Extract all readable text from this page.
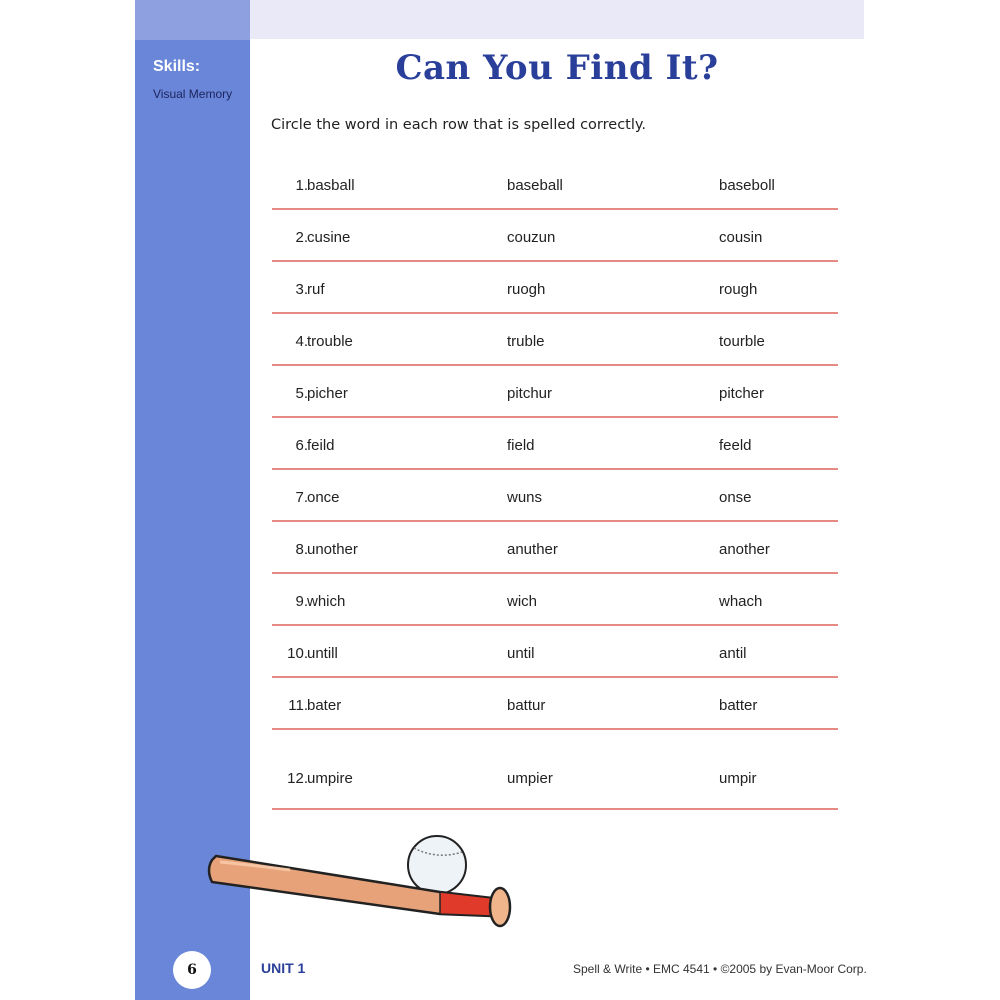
Skills:
Visual Memory
Can You Find It?
Circle the word in each row that is spelled correctly.
1. basball	baseball	baseboll
2. cusine	couzun	cousin
3. ruf	ruogh	rough
4. trouble	truble	tourble
5. picher	pitchur	pitcher
6. feild	field	feeld
7. once	wuns	onse
8. unother	anuther	another
9. which	wich	whach
10. untill	until	antil
11. bater	battur	batter
12. umpire	umpier	umpir
6	UNIT 1	Spell & Write • EMC 4541 • ©2005 by Evan-Moor Corp.
